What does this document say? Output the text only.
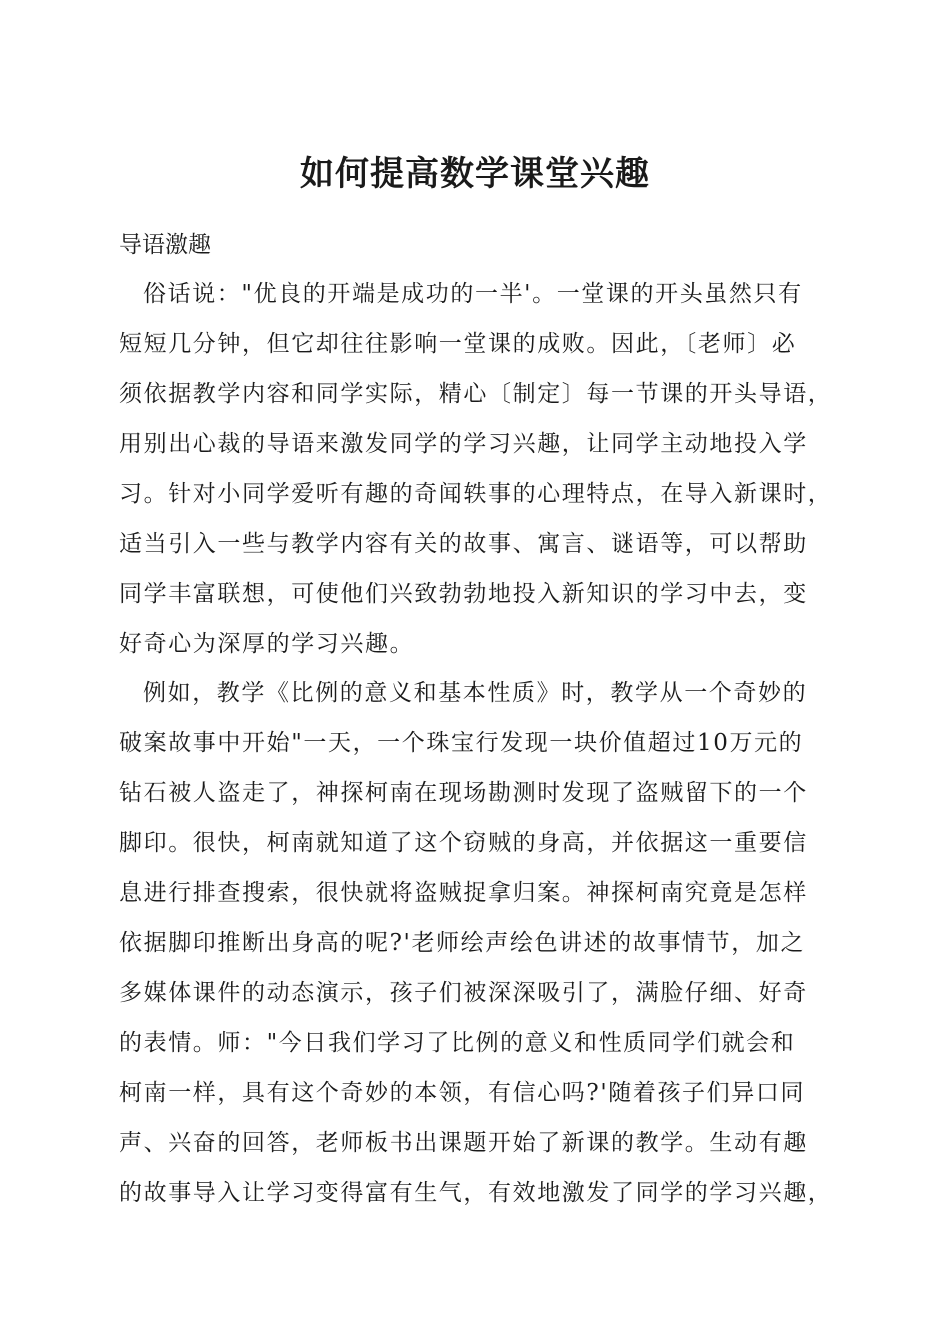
如何提高数学课堂兴趣

导语激趣

俗话说："优良的开端是成功的一半'。一堂课的开头虽然只有
短短几分钟，但它却往往影响一堂课的成败。因此，〔老师〕必
须依据教学内容和同学实际，精心〔制定〕每一节课的开头导语，
用别出心裁的导语来激发同学的学习兴趣，让同学主动地投入学
习。针对小同学爱听有趣的奇闻轶事的心理特点，在导入新课时，
适当引入一些与教学内容有关的故事、寓言、谜语等，可以帮助
同学丰富联想，可使他们兴致勃勃地投入新知识的学习中去，变
好奇心为深厚的学习兴趣。
例如，教学《比例的意义和基本性质》时，教学从一个奇妙的
破案故事中开始"一天，一个珠宝行发现一块价值超过10万元的
钻石被人盗走了，神探柯南在现场勘测时发现了盗贼留下的一个
脚印。很快，柯南就知道了这个窃贼的身高，并依据这一重要信
息进行排查搜索，很快就将盗贼捉拿归案。神探柯南究竟是怎样
依据脚印推断出身高的呢?'老师绘声绘色讲述的故事情节，加之
多媒体课件的动态演示，孩子们被深深吸引了，满脸仔细、好奇
的表情。师："今日我们学习了比例的意义和性质同学们就会和
柯南一样，具有这个奇妙的本领，有信心吗?'随着孩子们异口同
声、兴奋的回答，老师板书出课题开始了新课的教学。生动有趣
的故事导入让学习变得富有生气，有效地激发了同学的学习兴趣，
